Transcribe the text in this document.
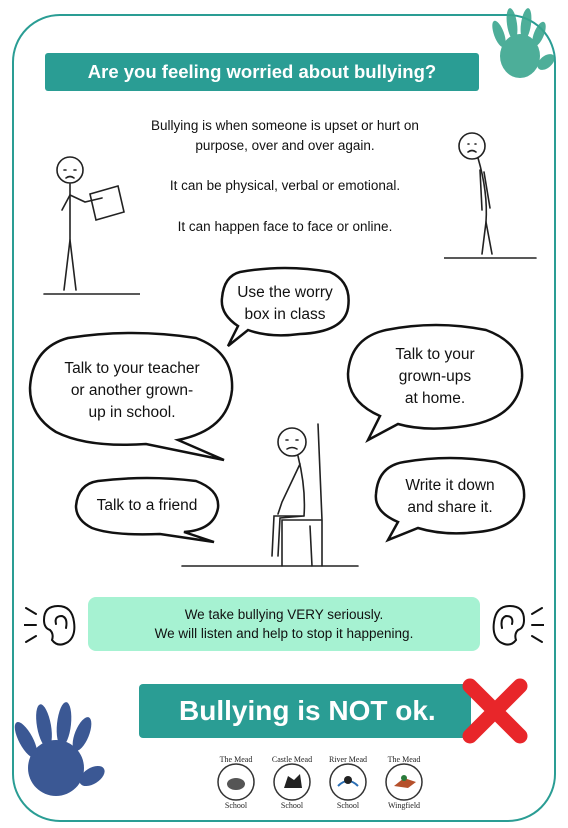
Are you feeling worried about bullying?
Bullying is when someone is upset or hurt on
purpose, over and over again.
It can be physical, verbal or emotional.
It can happen face to face or online.
Use the worry
box in class
Talk to your teacher
or another grown-
up in school.
Talk to your
grown-ups
at home.
Talk to a friend
Write it down
and share it.
We take bullying VERY seriously.
We will listen and help to stop it happening.
Bullying is NOT ok.
The Mead
School
Castle Mead
School
River Mead
School
The Mead
Wingfield
